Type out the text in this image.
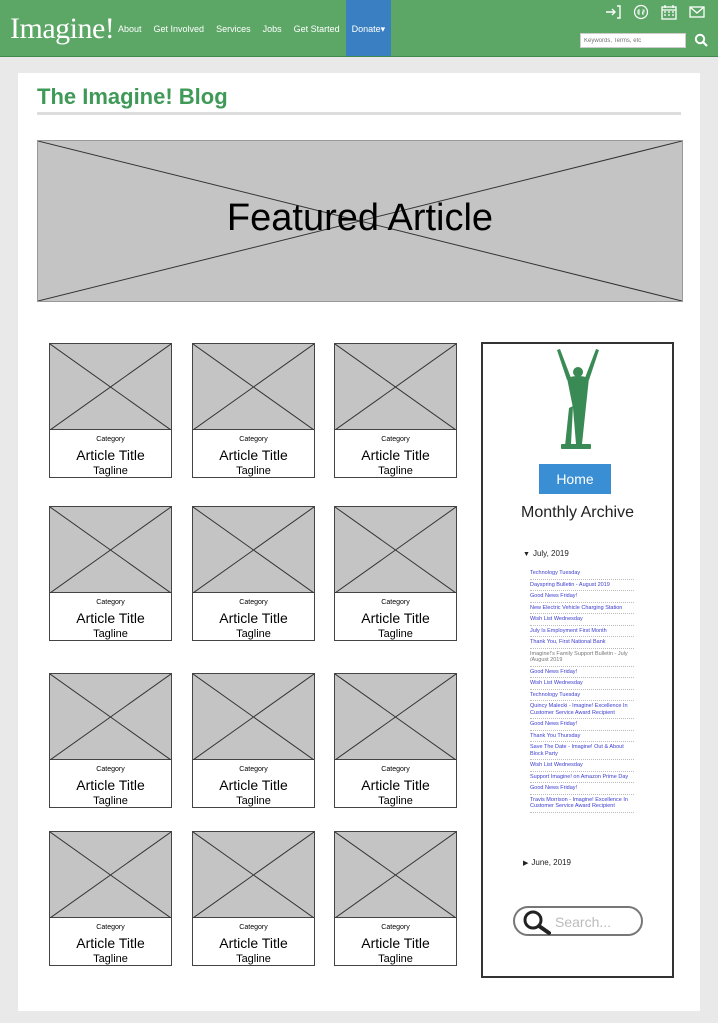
Imagine! About	Get Involved	Services	Jobs	Get Started	Donate▾
Keywords, Terms, etc
The Imagine! Blog
Featured Article
Category
Article Title
Tagline
Category
Article Title
Tagline
Category
Article Title
Tagline
Category
Article Title
Tagline
Category
Article Title
Tagline
Category
Article Title
Tagline
Category
Article Title
Tagline
Category
Article Title
Tagline
Category
Article Title
Tagline
Category
Article Title
Tagline
Category
Article Title
Tagline
Category
Article Title
Tagline
Home
Monthly Archive
▼ July, 2019
Technology Tuesday
Dayspring Bulletin - August 2019
Good News Friday!
New Electric Vehicle Charging Station
Wish List Wednesday
July Is Employment First Month
Thank You, First National Bank
Imagine!'s Family Support Bulletin - July /August 2019
Good News Friday!
Wish List Wednesday
Technology Tuesday
Quincy Malecki - Imagine! Excellence In Customer Service Award Recipient
Good News Friday!
Thank You Thursday
Save The Date - Imagine! Out & About Block Party
Wish List Wednesday
Support Imagine! on Amazon Prime Day
Good News Friday!
Travis Morrison - Imagine! Excellence In Customer Service Award Recipient
▶ June, 2019
Search...
